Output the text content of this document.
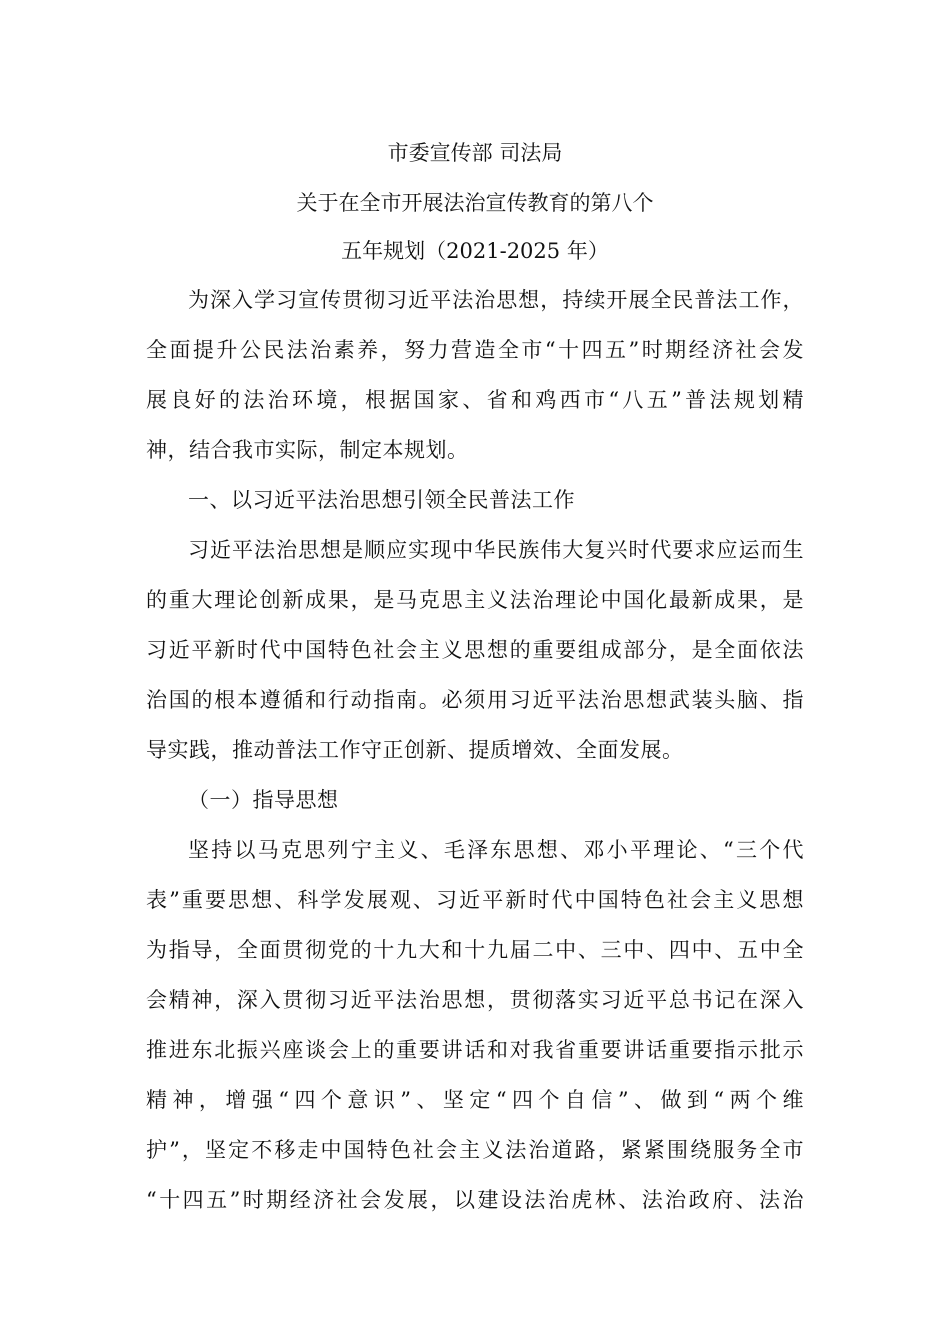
市委宣传部 司法局
关于在全市开展法治宣传教育的第八个
五年规划（2021-2025 年）
为深入学习宣传贯彻习近平法治思想，持续开展全民普法工作，
全面提升公民法治素养，努力营造全市“十四五”时期经济社会发
展良好的法治环境，根据国家、省和鸡西市“八五”普法规划精
神，结合我市实际，制定本规划。
一、以习近平法治思想引领全民普法工作
习近平法治思想是顺应实现中华民族伟大复兴时代要求应运而生
的重大理论创新成果，是马克思主义法治理论中国化最新成果，是
习近平新时代中国特色社会主义思想的重要组成部分，是全面依法
治国的根本遵循和行动指南。必须用习近平法治思想武装头脑、指
导实践，推动普法工作守正创新、提质增效、全面发展。
（一）指导思想
坚持以马克思列宁主义、毛泽东思想、邓小平理论、“三个代
表”重要思想、科学发展观、习近平新时代中国特色社会主义思想
为指导，全面贯彻党的十九大和十九届二中、三中、四中、五中全
会精神，深入贯彻习近平法治思想，贯彻落实习近平总书记在深入
推进东北振兴座谈会上的重要讲话和对我省重要讲话重要指示批示
精神，增强“四个意识”、坚定“四个自信”、做到“两个维
护”，坚定不移走中国特色社会主义法治道路，紧紧围绕服务全市
“十四五”时期经济社会发展，以建设法治虎林、法治政府、法治
